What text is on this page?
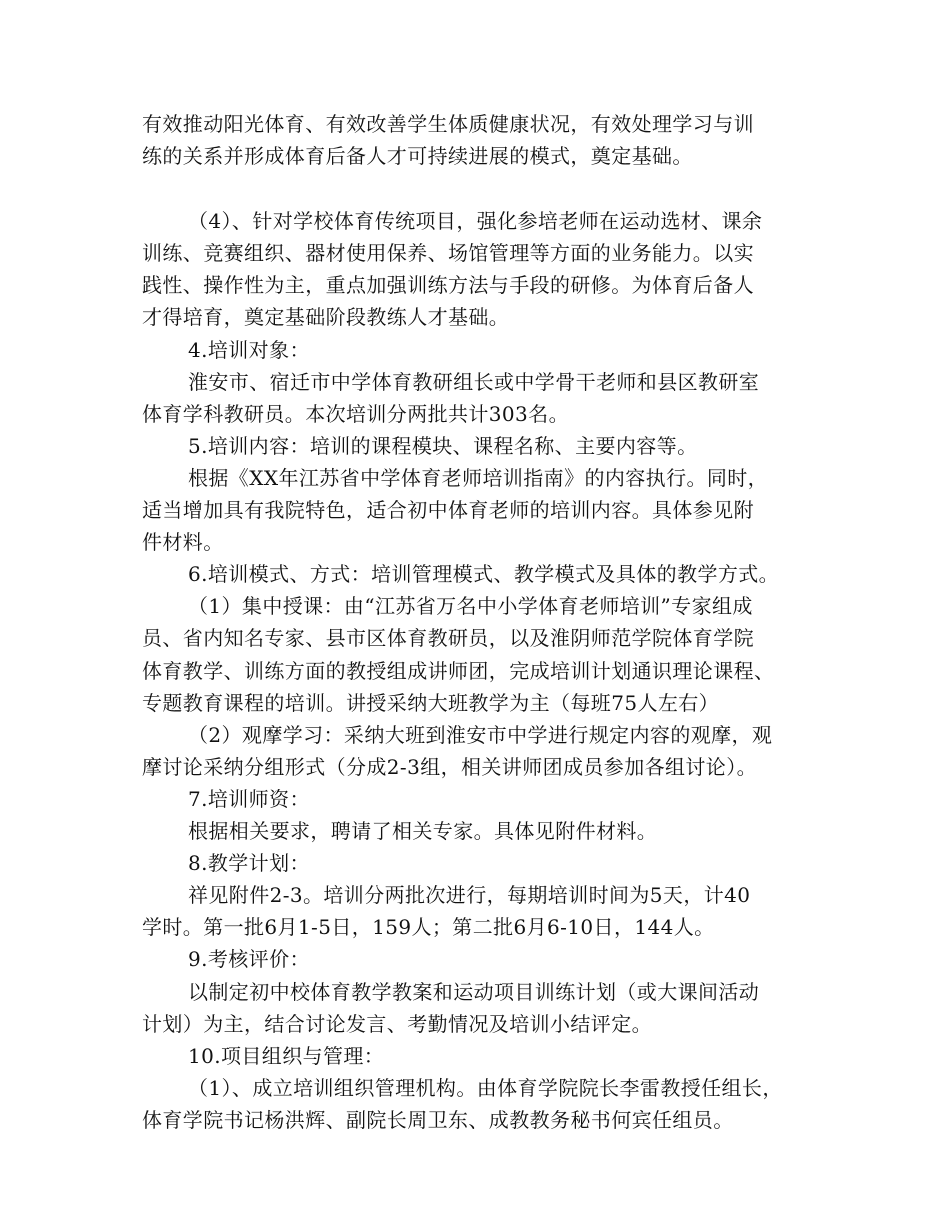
有效推动阳光体育、有效改善学生体质健康状况，有效处理学习与训
练的关系并形成体育后备人才可持续进展的模式，奠定基础。
（4）、针对学校体育传统项目，强化参培老师在运动选材、课余
训练、竞赛组织、器材使用保养、场馆管理等方面的业务能力。以实
践性、操作性为主，重点加强训练方法与手段的研修。为体育后备人
才得培育，奠定基础阶段教练人才基础。
4.培训对象：
淮安市、宿迁市中学体育教研组长或中学骨干老师和县区教研室
体育学科教研员。本次培训分两批共计303名。
5.培训内容：培训的课程模块、课程名称、主要内容等。
根据《XX年江苏省中学体育老师培训指南》的内容执行。同时，
适当增加具有我院特色，适合初中体育老师的培训内容。具体参见附
件材料。
6.培训模式、方式：培训管理模式、教学模式及具体的教学方式。
（1）集中授课：由“江苏省万名中小学体育老师培训”专家组成
员、省内知名专家、县市区体育教研员，以及淮阴师范学院体育学院
体育教学、训练方面的教授组成讲师团，完成培训计划通识理论课程、
专题教育课程的培训。讲授采纳大班教学为主（每班75人左右）
（2）观摩学习：采纳大班到淮安市中学进行规定内容的观摩，观
摩讨论采纳分组形式（分成2-3组，相关讲师团成员参加各组讨论）。
7.培训师资：
根据相关要求，聘请了相关专家。具体见附件材料。
8.教学计划：
祥见附件2-3。培训分两批次进行，每期培训时间为5天，计40
学时。第一批6月1-5日，159人；第二批6月6-10日，144人。
9.考核评价：
以制定初中校体育教学教案和运动项目训练计划（或大课间活动
计划）为主，结合讨论发言、考勤情况及培训小结评定。
10.项目组织与管理：
（1）、成立培训组织管理机构。由体育学院院长李雷教授任组长，
体育学院书记杨洪辉、副院长周卫东、成教教务秘书何宾任组员。
